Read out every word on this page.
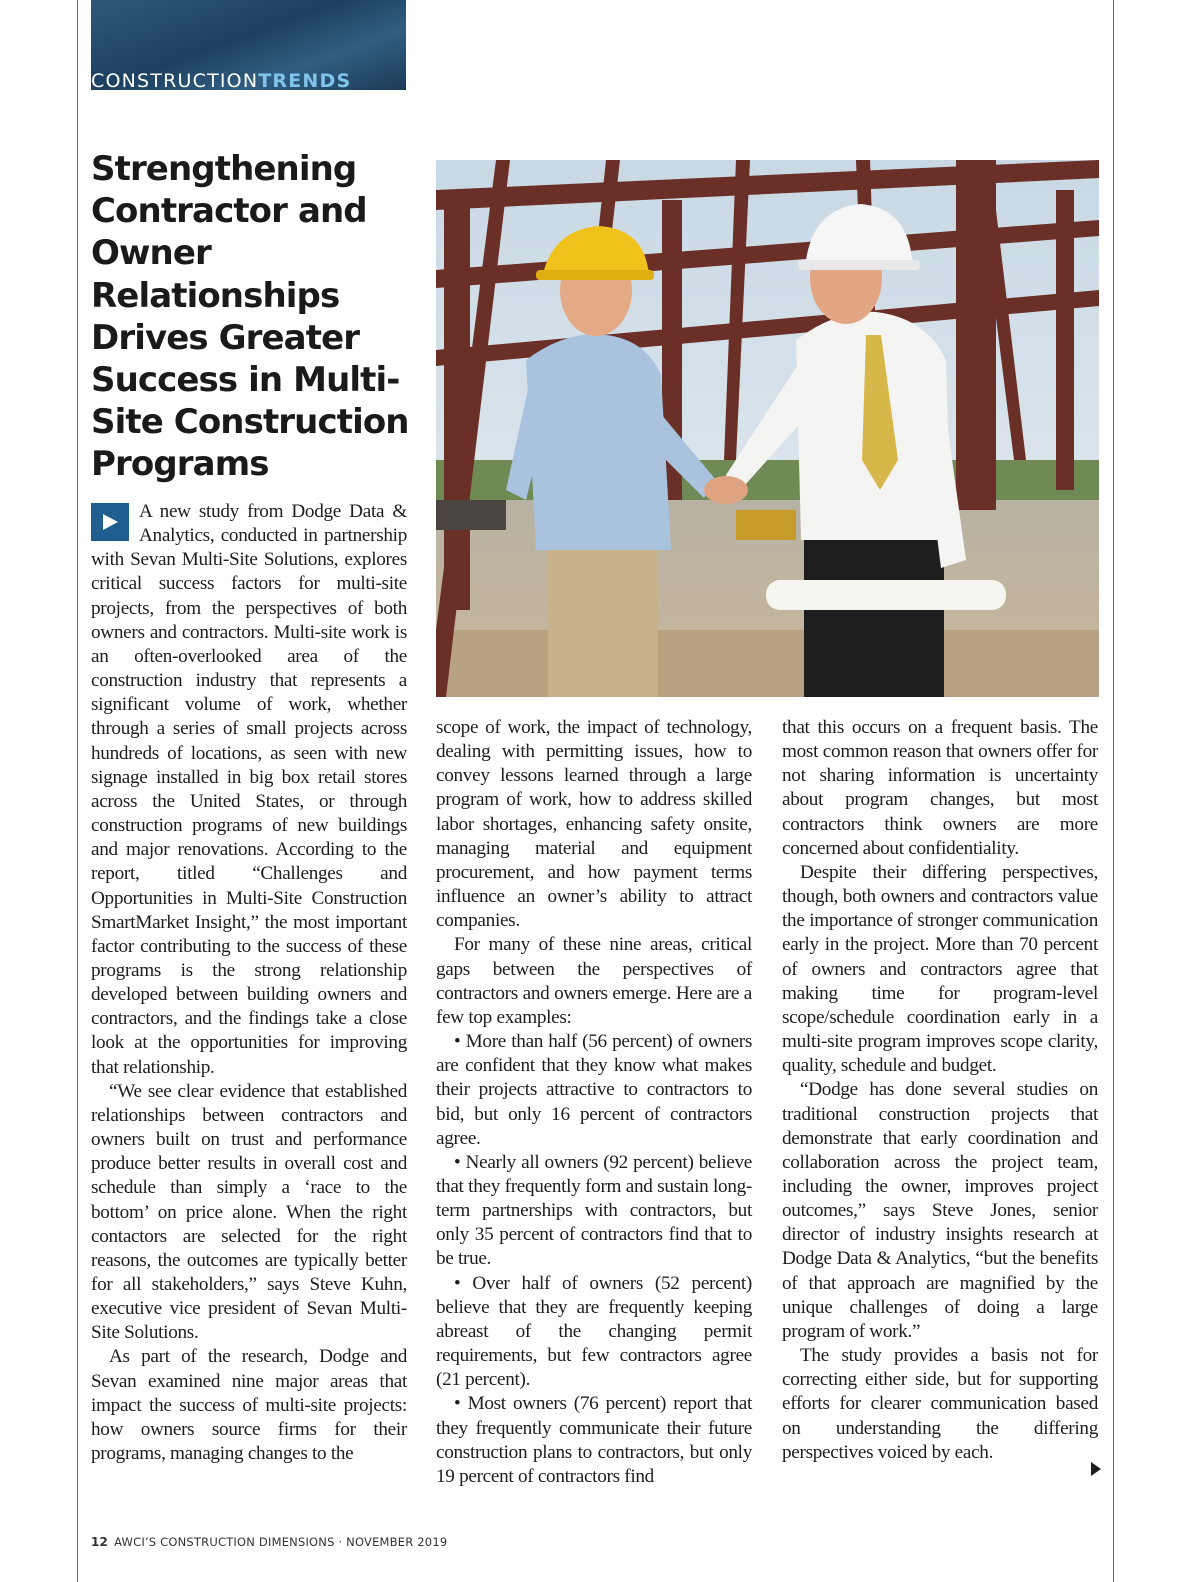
CONSTRUCTIONTRENDS
Strengthening Contractor and Owner Relationships Drives Greater Success in Multi-Site Construction Programs

A new study from Dodge Data & Analytics, conducted in partnership with Sevan Multi-Site Solutions, explores critical success factors for multi-site projects, from the perspectives of both owners and contractors. Multi-site work is an often-overlooked area of the construction industry that represents a significant volume of work, whether through a series of small projects across hundreds of locations, as seen with new signage installed in big box retail stores across the United States, or through construction programs of new buildings and major renovations. According to the report, titled “Challenges and Opportunities in Multi-Site Construction SmartMarket Insight,” the most important factor contributing to the success of these programs is the strong relationship developed between building owners and contractors, and the findings take a close look at the opportunities for improving that relationship.

“We see clear evidence that established relationships between contractors and owners built on trust and performance produce better results in overall cost and schedule than simply a ‘race to the bottom’ on price alone. When the right contactors are selected for the right reasons, the outcomes are typically better for all stakeholders,” says Steve Kuhn, executive vice president of Sevan Multi-Site Solutions.

As part of the research, Dodge and Sevan examined nine major areas that impact the success of multi-site projects: how owners source firms for their programs, managing changes to the

scope of work, the impact of technology, dealing with permitting issues, how to convey lessons learned through a large program of work, how to address skilled labor shortages, enhancing safety onsite, managing material and equipment procurement, and how payment terms influence an owner’s ability to attract companies.

For many of these nine areas, critical gaps between the perspectives of contractors and owners emerge. Here are a few top examples:

• More than half (56 percent) of owners are confident that they know what makes their projects attractive to contractors to bid, but only 16 percent of contractors agree.

• Nearly all owners (92 percent) believe that they frequently form and sustain long-term partnerships with contractors, but only 35 percent of contractors find that to be true.

• Over half of owners (52 percent) believe that they are frequently keeping abreast of the changing permit requirements, but few contractors agree (21 percent).

• Most owners (76 percent) report that they frequently communicate their future construction plans to contractors, but only 19 percent of contractors find

that this occurs on a frequent basis. The most common reason that owners offer for not sharing information is uncertainty about program changes, but most contractors think owners are more concerned about confidentiality.

Despite their differing perspectives, though, both owners and contractors value the importance of stronger communication early in the project. More than 70 percent of owners and contractors agree that making time for program-level scope/schedule coordination early in a multi-site program improves scope clarity, quality, schedule and budget.

“Dodge has done several studies on traditional construction projects that demonstrate that early coordination and collaboration across the project team, including the owner, improves project outcomes,” says Steve Jones, senior director of industry insights research at Dodge Data & Analytics, “but the benefits of that approach are magnified by the unique challenges of doing a large program of work.”

The study provides a basis not for correcting either side, but for supporting efforts for clearer communication based on understanding the differing perspectives voiced by each.

12 AWCI’S CONSTRUCTION DIMENSIONS · NOVEMBER 2019
